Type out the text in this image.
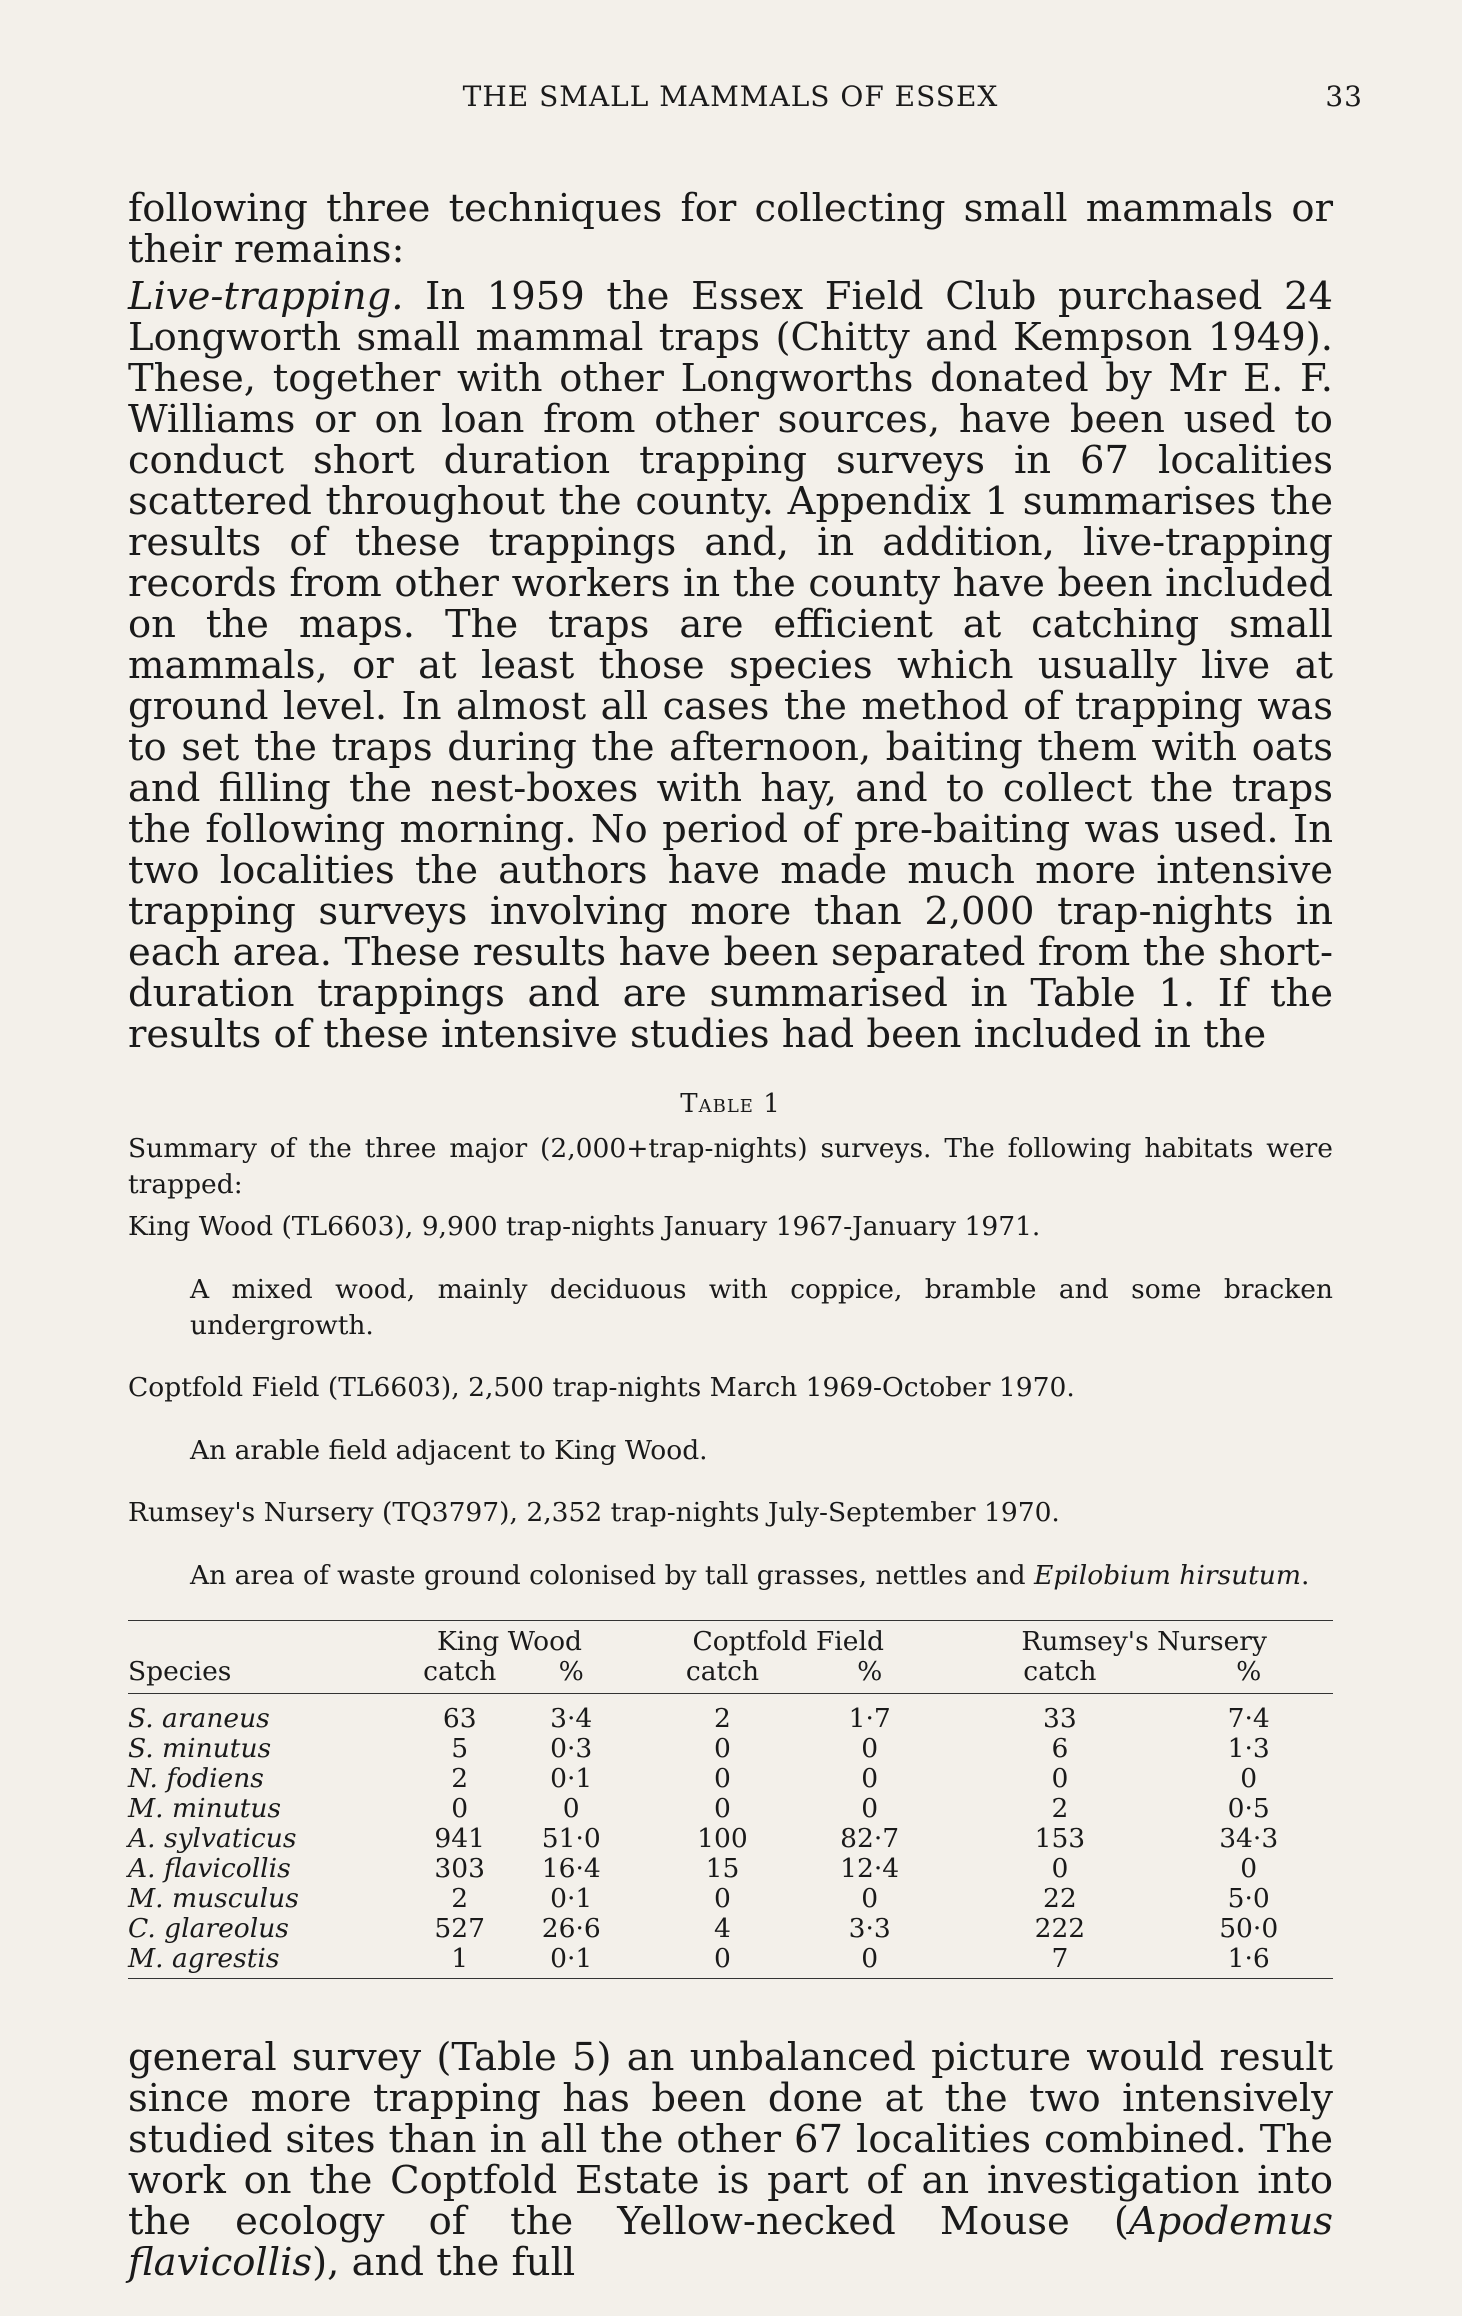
THE SMALL MAMMALS OF ESSEX	33

following three techniques for collecting small mammals or their remains:

Live-trapping. In 1959 the Essex Field Club purchased 24 Longworth small mammal traps (Chitty and Kempson 1949). These, together with other Longworths donated by Mr E. F. Williams or on loan from other sources, have been used to conduct short duration trapping surveys in 67 localities scattered throughout the county. Appendix 1 summarises the results of these trappings and, in addition, live-trapping records from other workers in the county have been included on the maps. The traps are efficient at catching small mammals, or at least those species which usually live at ground level. In almost all cases the method of trapping was to set the traps during the afternoon, baiting them with oats and filling the nest-boxes with hay, and to collect the traps the following morning. No period of pre-baiting was used. In two localities the authors have made much more intensive trapping surveys involving more than 2,000 trap-nights in each area. These results have been separated from the short-duration trappings and are summarised in Table 1. If the results of these intensive studies had been included in the

Table 1

Summary of the three major (2,000+trap-nights) surveys. The following habitats were trapped:

King Wood (TL6603), 9,900 trap-nights January 1967-January 1971.

A mixed wood, mainly deciduous with coppice, bramble and some bracken undergrowth.

Coptfold Field (TL6603), 2,500 trap-nights March 1969-October 1970.

An arable field adjacent to King Wood.

Rumsey's Nursery (TQ3797), 2,352 trap-nights July-September 1970.

An area of waste ground colonised by tall grasses, nettles and Epilobium hirsutum.

	King Wood			Coptfold Field			Rumsey's Nursery	
Species	catch	%		catch	%		catch	%
S. araneus	63	3·4		2	1·7		33	7·4
S. minutus	5	0·3		0	0		6	1·3
N. fodiens	2	0·1		0	0		0	0
M. minutus	0	0		0	0		2	0·5
A. sylvaticus	941	51·0		100	82·7		153	34·3
A. flavicollis	303	16·4		15	12·4		0	0
M. musculus	2	0·1		0	0		22	5·0
C. glareolus	527	26·6		4	3·3		222	50·0
M. agrestis	1	0·1		0	0		7	1·6

general survey (Table 5) an unbalanced picture would result since more trapping has been done at the two intensively studied sites than in all the other 67 localities combined. The work on the Coptfold Estate is part of an investigation into the ecology of the Yellow-necked Mouse (Apodemus flavicollis), and the full
